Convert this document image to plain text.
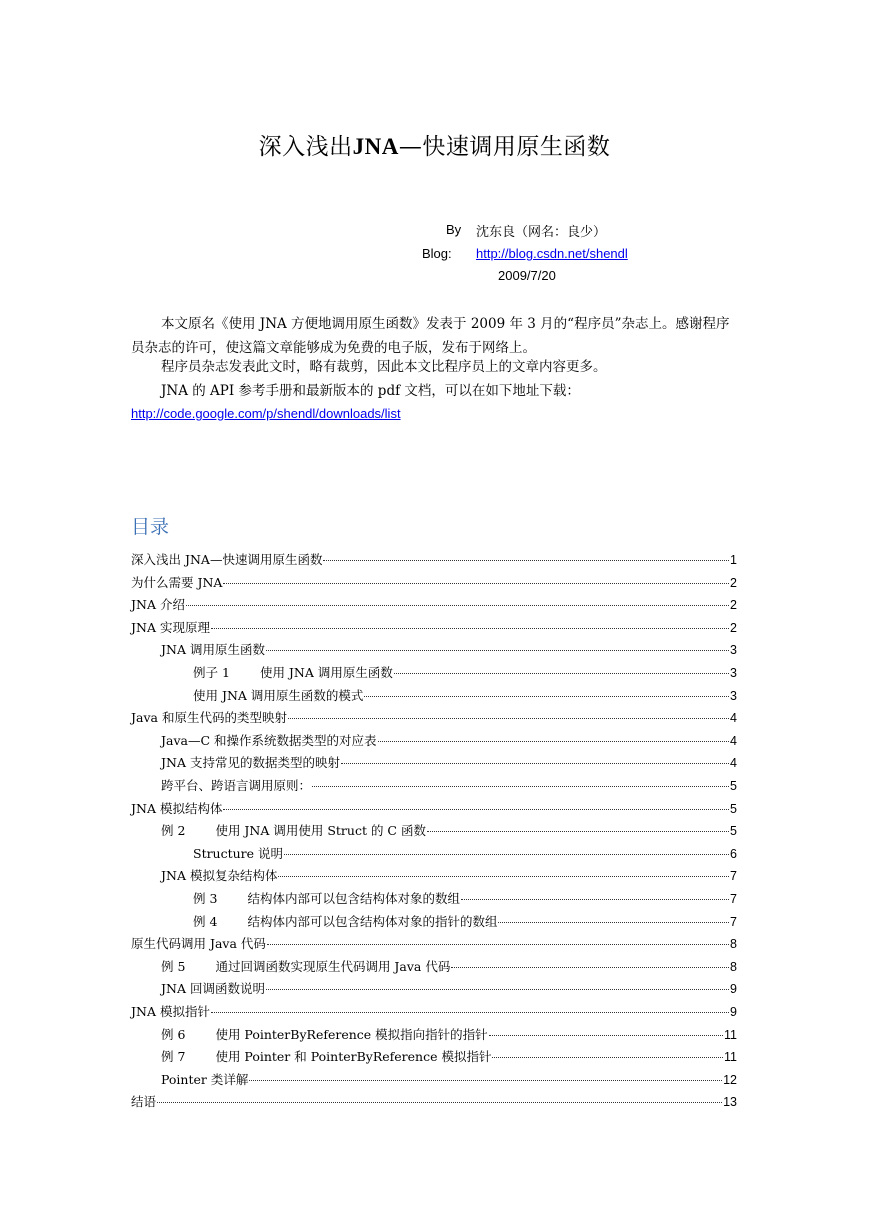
深入浅出JNA—快速调用原生函数
By 沈东良（网名：良少）
Blog: http://blog.csdn.net/shendl
2009/7/20
本文原名《使用 JNA 方便地调用原生函数》发表于 2009 年 3 月的“程序员”杂志上。感谢程序员杂志的许可，使这篇文章能够成为免费的电子版，发布于网络上。
程序员杂志发表此文时，略有裁剪，因此本文比程序员上的文章内容更多。
JNA 的 API 参考手册和最新版本的 pdf 文档，可以在如下地址下载：
http://code.google.com/p/shendl/downloads/list
目录
深入浅出 JNA—快速调用原生函数	1
为什么需要 JNA	2
JNA 介绍	2
JNA 实现原理	2
JNA 调用原生函数	3
例子 1 使用 JNA 调用原生函数	3
使用 JNA 调用原生函数的模式	3
Java 和原生代码的类型映射	4
Java—C 和操作系统数据类型的对应表	4
JNA 支持常见的数据类型的映射	4
跨平台、跨语言调用原则：	5
JNA 模拟结构体	5
例 2 使用 JNA 调用使用 Struct 的 C 函数	5
Structure 说明	6
JNA 模拟复杂结构体	7
例 3 结构体内部可以包含结构体对象的数组	7
例 4 结构体内部可以包含结构体对象的指针的数组	7
原生代码调用 Java 代码	8
例 5 通过回调函数实现原生代码调用 Java 代码	8
JNA 回调函数说明	9
JNA 模拟指针	9
例 6 使用 PointerByReference 模拟指向指针的指针	11
例 7 使用 Pointer 和 PointerByReference 模拟指针	11
Pointer 类详解	12
结语	13
